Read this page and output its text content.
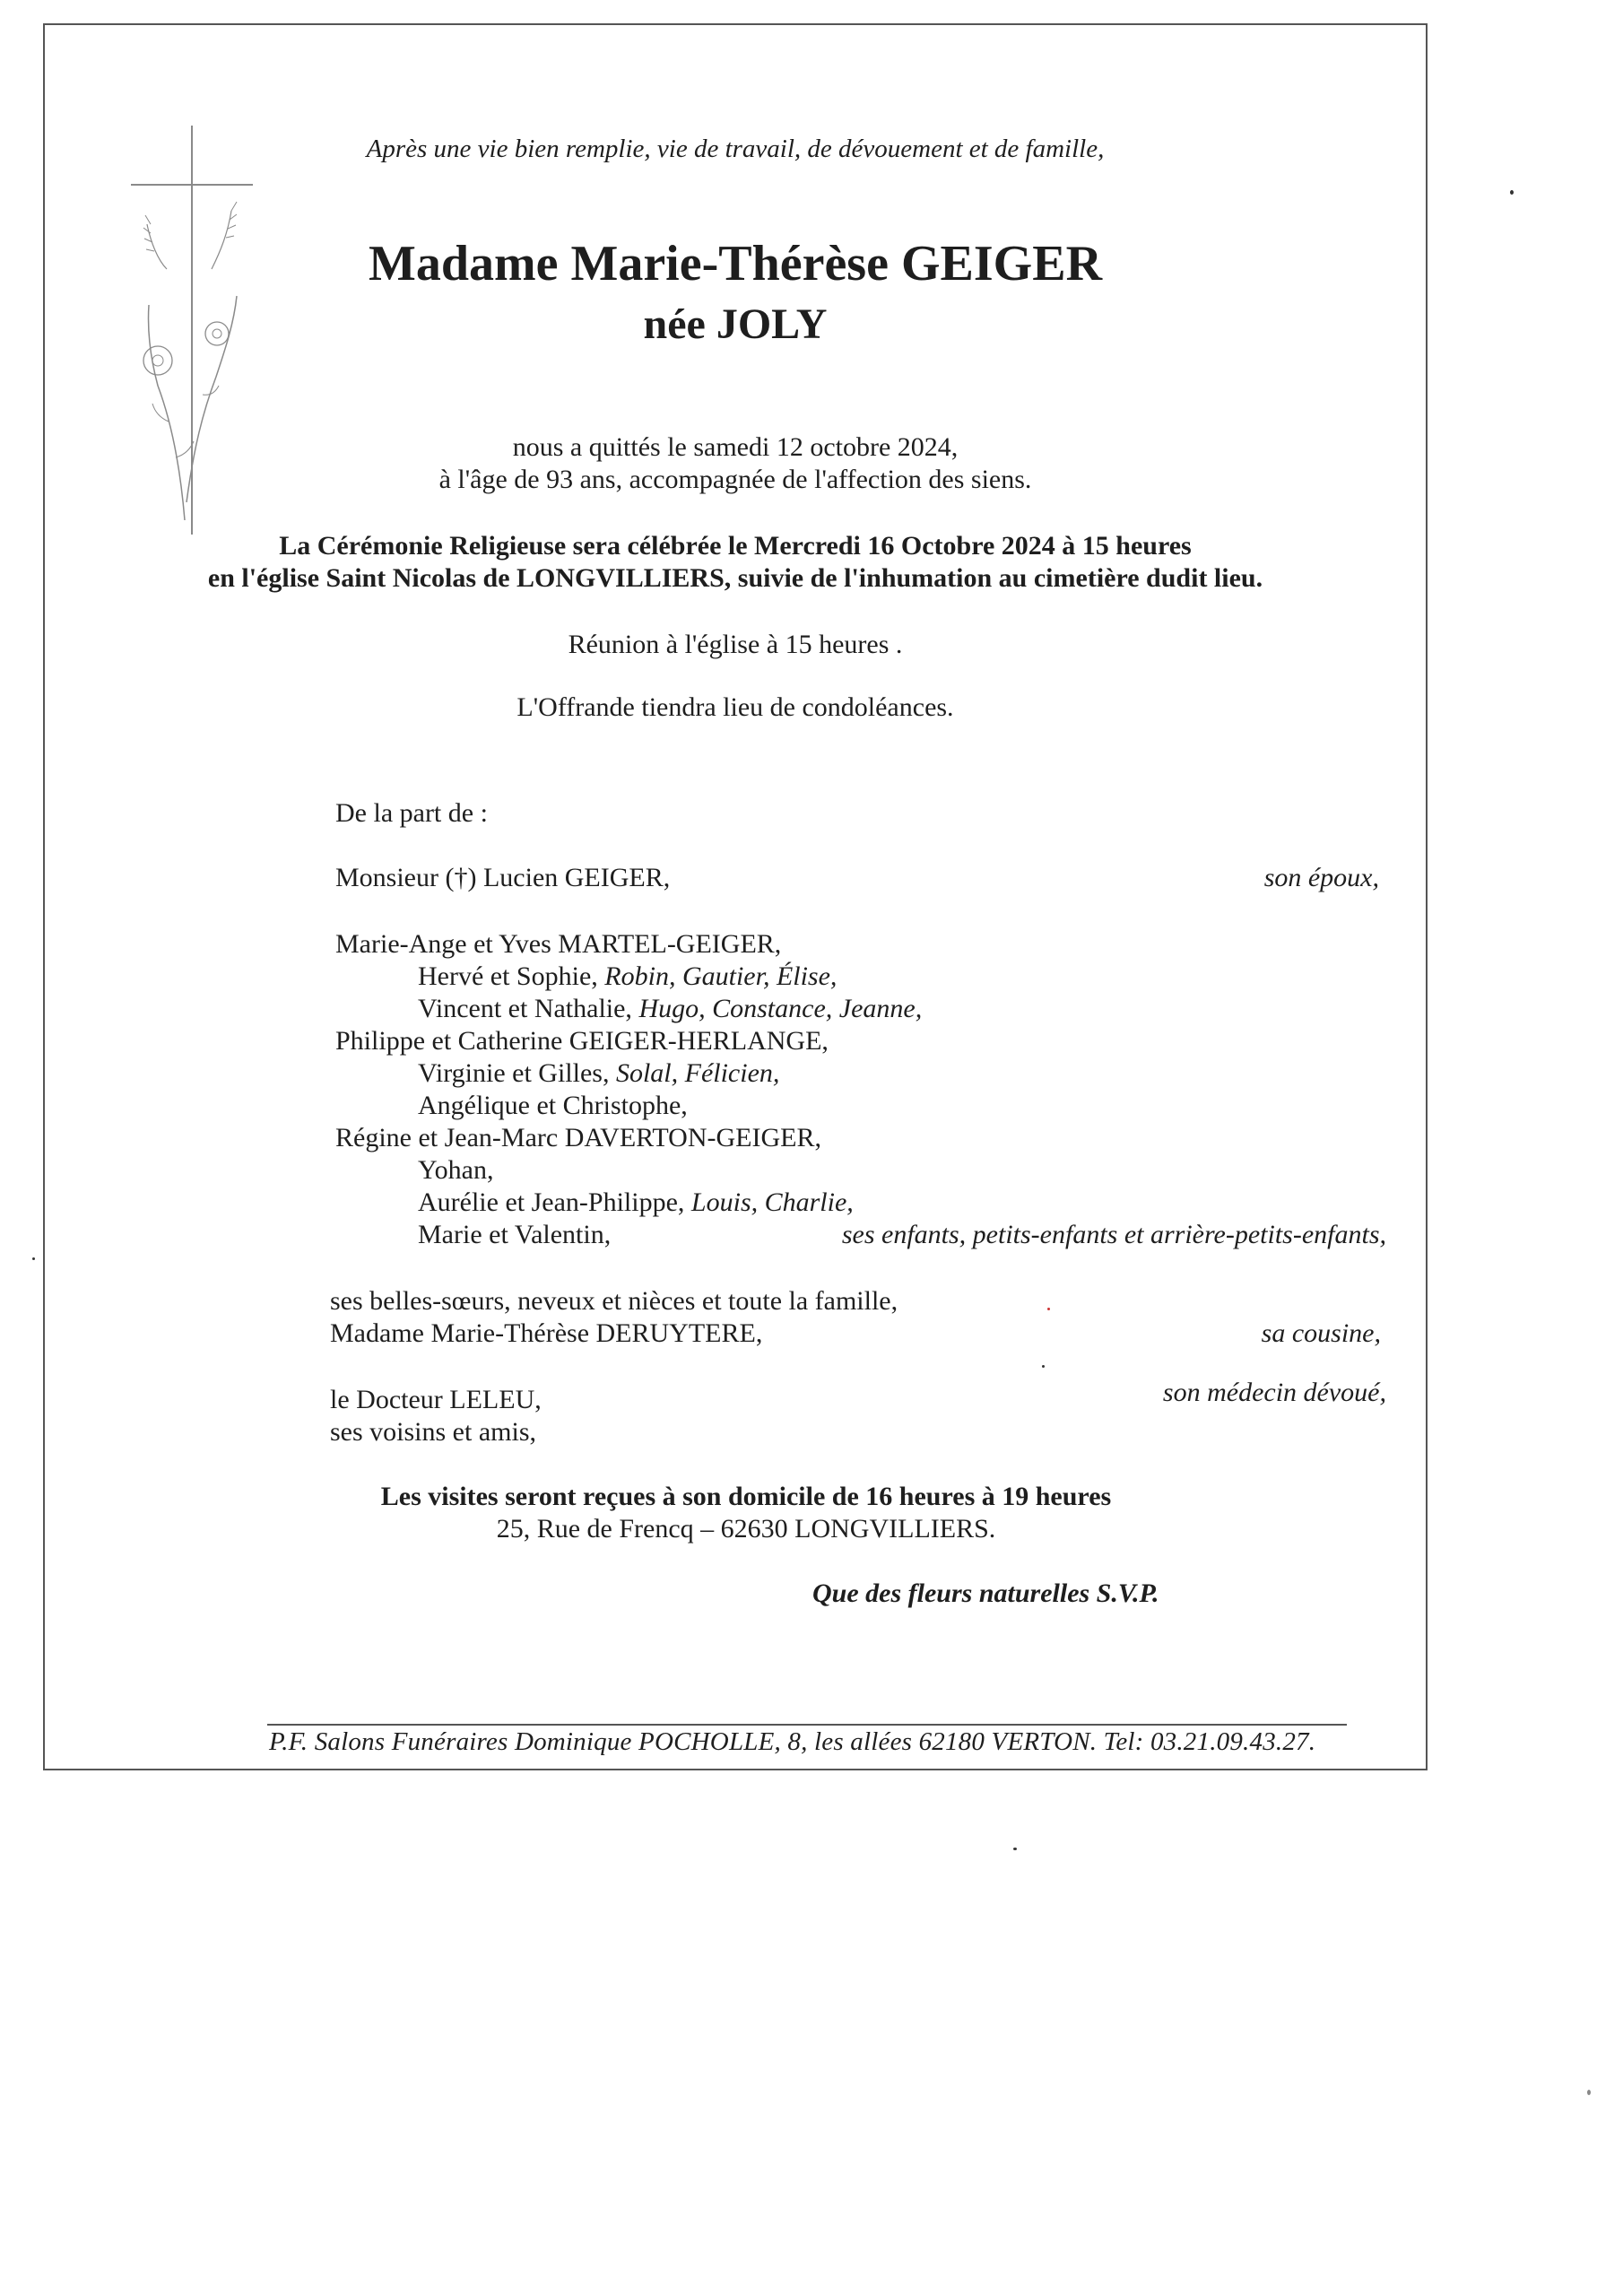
Après une vie bien remplie, vie de travail, de dévouement et de famille,
Madame Marie-Thérèse GEIGER
née JOLY
nous a quittés le samedi 12 octobre 2024,
à l'âge de 93 ans, accompagnée de l'affection des siens.
La Cérémonie Religieuse sera célébrée le Mercredi 16 Octobre 2024 à 15 heures
en l'église Saint Nicolas de LONGVILLIERS, suivie de l'inhumation au cimetière dudit lieu.
Réunion à l'église à 15 heures .
L'Offrande tiendra lieu de condoléances.
De la part de :
Monsieur (†) Lucien GEIGER,	son époux,
Marie-Ange et Yves MARTEL-GEIGER,
Hervé et Sophie, Robin, Gautier, Élise,
Vincent et Nathalie, Hugo, Constance, Jeanne,
Philippe et Catherine GEIGER-HERLANGE,
Virginie et Gilles, Solal, Félicien,
Angélique et Christophe,
Régine et Jean-Marc DAVERTON-GEIGER,
Yohan,
Aurélie et Jean-Philippe, Louis, Charlie,
Marie et Valentin,	ses enfants, petits-enfants et arrière-petits-enfants,
ses belles-sœurs, neveux et nièces et toute la famille,
Madame Marie-Thérèse DERUYTERE,	sa cousine,
le Docteur LELEU,	son médecin dévoué,
ses voisins et amis,
Les visites seront reçues à son domicile de 16 heures à 19 heures
25, Rue de Frencq – 62630 LONGVILLIERS.
Que des fleurs naturelles S.V.P.
P.F. Salons Funéraires Dominique POCHOLLE, 8, les allées 62180 VERTON. Tel: 03.21.09.43.27.
